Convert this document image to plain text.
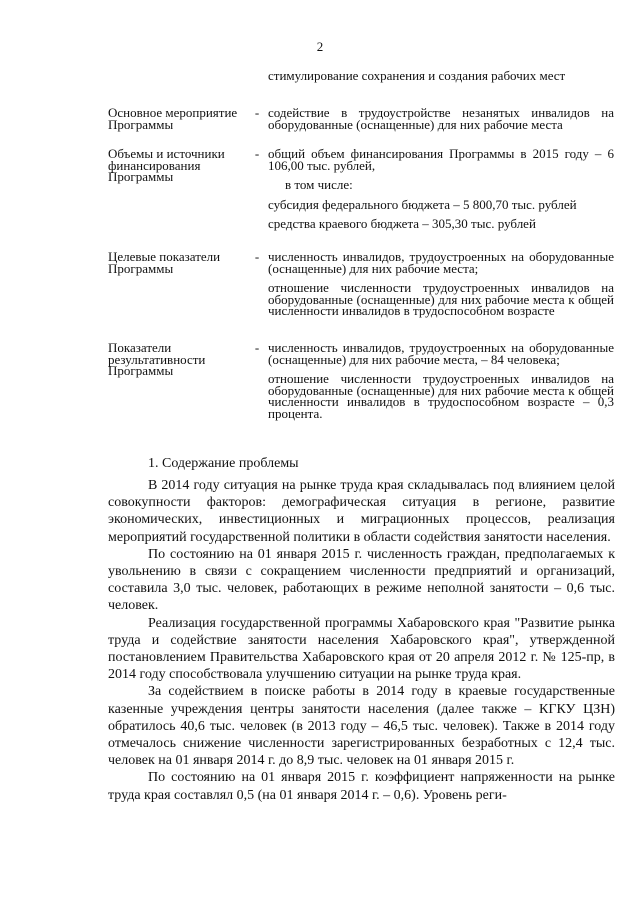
2
стимулирование сохранения и создания рабочих мест
Основное мероприятие Программы
- содействие в трудоустройстве незанятых инвалидов на оборудованные (оснащенные) для них рабочие места
Объемы и источники финансирования Программы
- общий объем финансирования Программы в 2015 году – 6 106,00 тыс. рублей,
в том числе:
субсидия федерального бюджета – 5 800,70 тыс. рублей
средства краевого бюджета – 305,30 тыс. рублей
Целевые показатели Программы
- численность инвалидов, трудоустроенных на оборудованные (оснащенные) для них рабочие места;
отношение численности трудоустроенных инвалидов на оборудованные (оснащенные) для них рабочие места к общей численности инвалидов в трудоспособном возрасте
Показатели результативности Программы
- численность инвалидов, трудоустроенных на оборудованные (оснащенные) для них рабочие места, – 84 человека;
отношение численности трудоустроенных инвалидов на оборудованные (оснащенные) для них рабочие места к общей численности инвалидов в трудоспособном возрасте – 0,3 процента.
1. Содержание проблемы

В 2014 году ситуация на рынке труда края складывалась под влиянием целой совокупности факторов: демографическая ситуация в регионе, развитие экономических, инвестиционных и миграционных процессов, реализация мероприятий государственной политики в области содействия занятости населения.

По состоянию на 01 января 2015 г. численность граждан, предполагаемых к увольнению в связи с сокращением численности предприятий и организаций, составила 3,0 тыс. человек, работающих в режиме неполной занятости – 0,6 тыс. человек.

Реализация государственной программы Хабаровского края "Развитие рынка труда и содействие занятости населения Хабаровского края", утвержденной постановлением Правительства Хабаровского края от 20 апреля 2012 г. № 125-пр, в 2014 году способствовала улучшению ситуации на рынке труда края.

За содействием в поиске работы в 2014 году в краевые государственные казенные учреждения центры занятости населения (далее также – КГКУ ЦЗН) обратилось 40,6 тыс. человек (в 2013 году – 46,5 тыс. человек). Также в 2014 году отмечалось снижение численности зарегистрированных безработных с 12,4 тыс. человек на 01 января 2014 г. до 8,9 тыс. человек на 01 января 2015 г.

По состоянию на 01 января 2015 г. коэффициент напряженности на рынке труда края составлял 0,5 (на 01 января 2014 г. – 0,6). Уровень реги-
